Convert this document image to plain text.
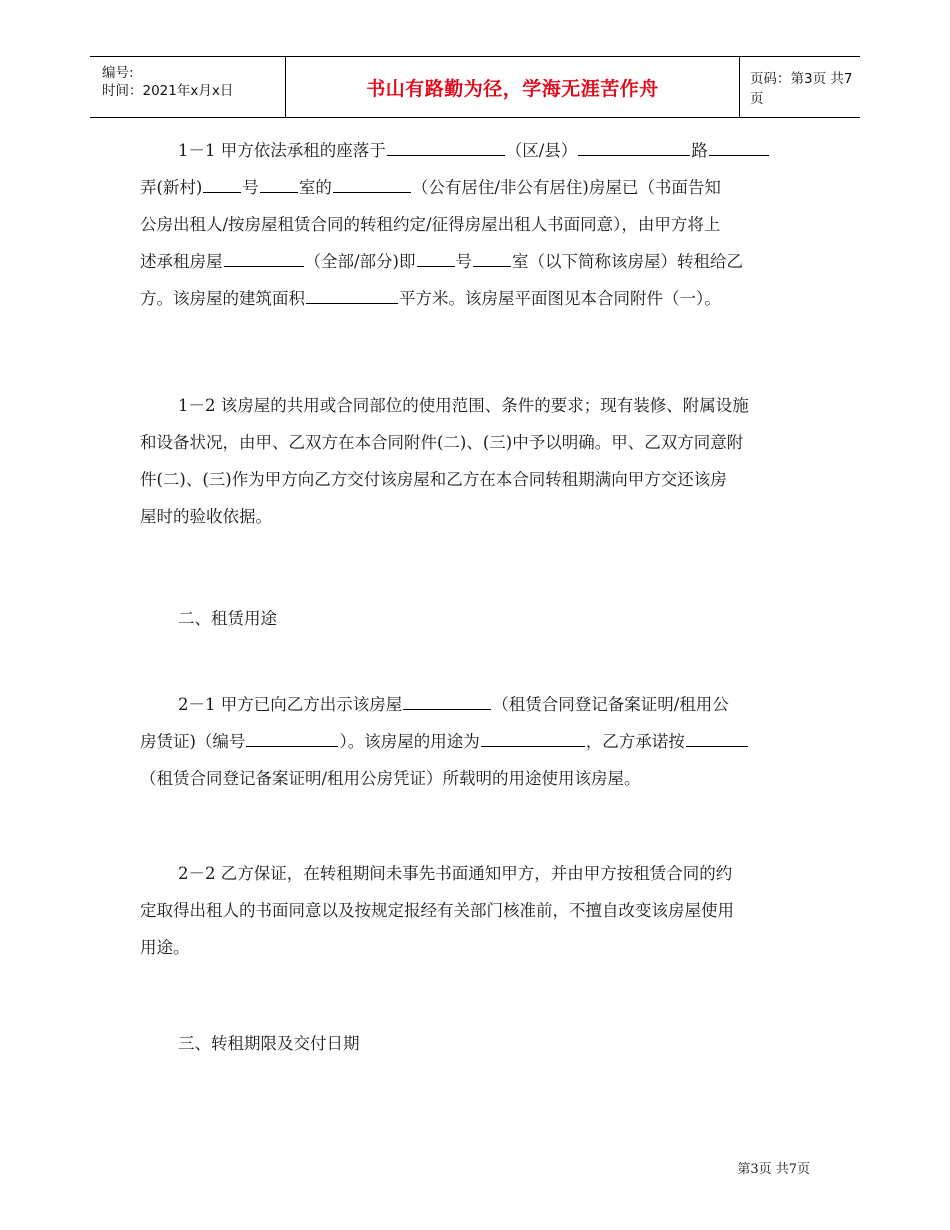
编号:
时间：2021年x月x日	书山有路勤为径，学海无涯苦作舟	页码：第3页 共7页
1－1 甲方依法承租的座落于	（区/县）	路
弄(新村) 号 室的	（公有居住/非公有居住)房屋已（书面告知
公房出租人/按房屋租赁合同的转租约定/征得房屋出租人书面同意），由甲方将上
述承租房屋	（全部/部分)即 号 室（以下简称该房屋）转租给乙
方。该房屋的建筑面积	平方米。该房屋平面图见本合同附件（一）。
1－2 该房屋的共用或合同部位的使用范围、条件的要求；现有装修、附属设施
和设备状况，由甲、乙双方在本合同附件(二)、(三)中予以明确。甲、乙双方同意附
件(二)、(三)作为甲方向乙方交付该房屋和乙方在本合同转租期满向甲方交还该房
屋时的验收依据。
二、租赁用途
2－1 甲方已向乙方出示该房屋	（租赁合同登记备案证明/租用公
房赁证)（编号	）。该房屋的用途为	，乙方承诺按
（租赁合同登记备案证明/租用公房凭证）所载明的用途使用该房屋。
2－2 乙方保证，在转租期间未事先书面通知甲方，并由甲方按租赁合同的约
定取得出租人的书面同意以及按规定报经有关部门核准前，不擅自改变该房屋使用
用途。
三、转租期限及交付日期
第3页 共7页
